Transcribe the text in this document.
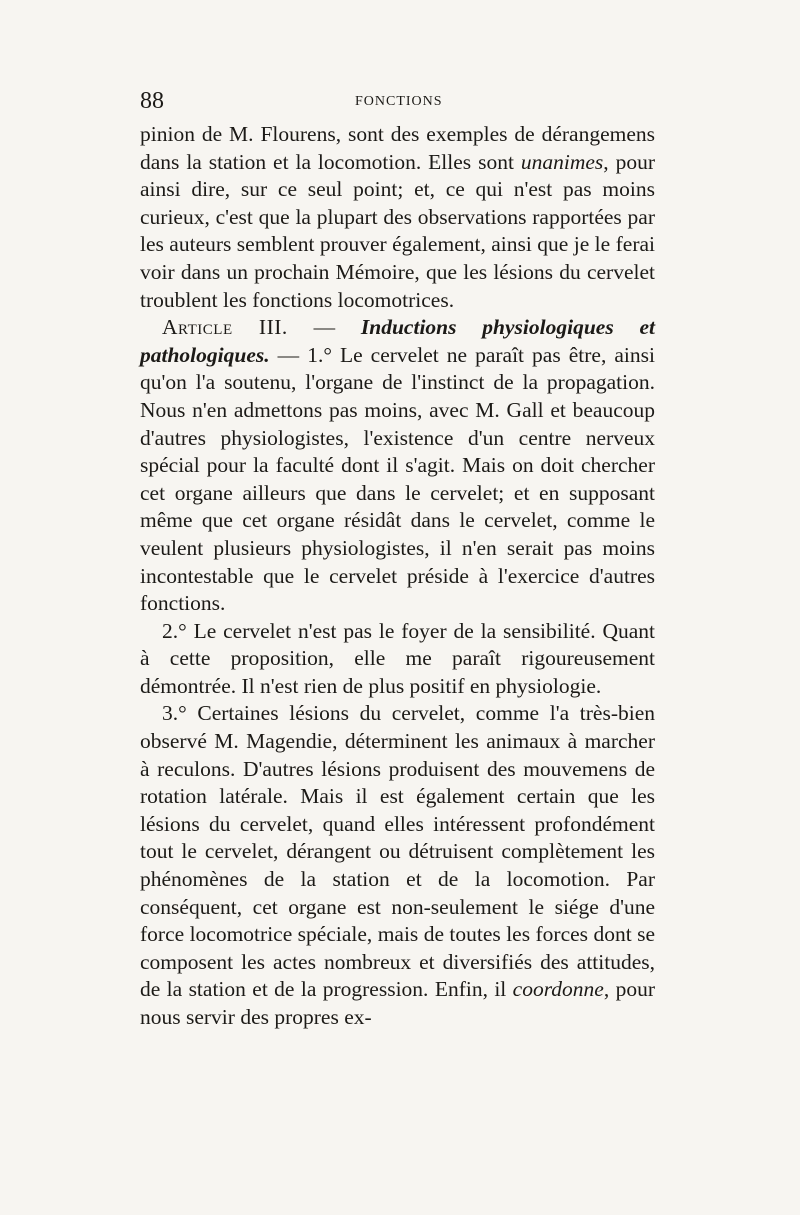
88	FONCTIONS

pinion de M. Flourens, sont des exemples de dérangemens dans la station et la locomotion. Elles sont unanimes, pour ainsi dire, sur ce seul point; et, ce qui n'est pas moins curieux, c'est que la plupart des observations rapportées par les auteurs semblent prouver également, ainsi que je le ferai voir dans un prochain Mémoire, que les lésions du cervelet troublent les fonctions locomotrices.

Article III. — Inductions physiologiques et pathologiques. — 1.° Le cervelet ne paraît pas être, ainsi qu'on l'a soutenu, l'organe de l'instinct de la propagation. Nous n'en admettons pas moins, avec M. Gall et beaucoup d'autres physiologistes, l'existence d'un centre nerveux spécial pour la faculté dont il s'agit. Mais on doit chercher cet organe ailleurs que dans le cervelet; et en supposant même que cet organe résidât dans le cervelet, comme le veulent plusieurs physiologistes, il n'en serait pas moins incontestable que le cervelet préside à l'exercice d'autres fonctions.

2.° Le cervelet n'est pas le foyer de la sensibilité. Quant à cette proposition, elle me paraît rigoureusement démontrée. Il n'est rien de plus positif en physiologie.

3.° Certaines lésions du cervelet, comme l'a très-bien observé M. Magendie, déterminent les animaux à marcher à reculons. D'autres lésions produisent des mouvemens de rotation latérale. Mais il est également certain que les lésions du cervelet, quand elles intéressent profondément tout le cervelet, dérangent ou détruisent complètement les phénomènes de la station et de la locomotion. Par conséquent, cet organe est non-seulement le siége d'une force locomotrice spéciale, mais de toutes les forces dont se composent les actes nombreux et diversifiés des attitudes, de la station et de la progression. Enfin, il coordonne, pour nous servir des propres ex-
